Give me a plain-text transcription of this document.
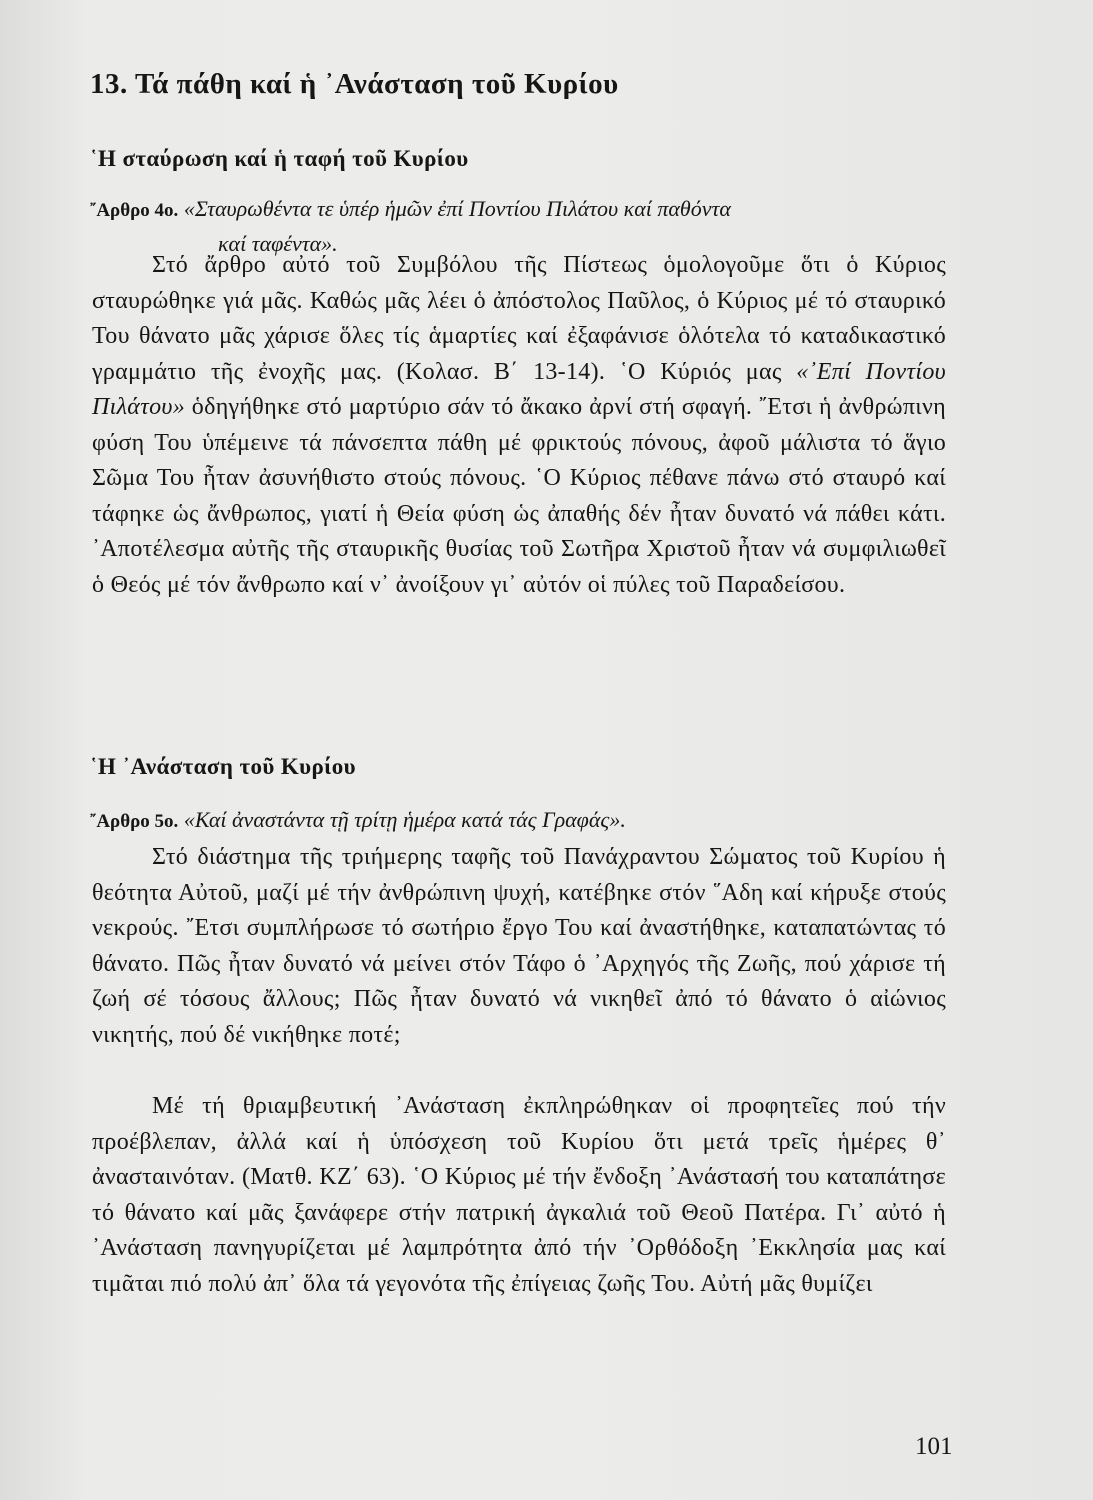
13. Τά πάθη καί ἡ ᾿Ανάσταση τοῦ Κυρίου
῾Η σταύρωση καί ἡ ταφή τοῦ Κυρίου
῎Αρθρο 4ο. «Σταυρωθέντα τε ὑπέρ ἡμῶν ἐπί Ποντίου Πιλάτου καί παθόντα
καί ταφέντα».

Στό ἄρθρο αὐτό τοῦ Συμβόλου τῆς Πίστεως ὁμολογοῦμε ὅτι ὁ Κύριος σταυρώθηκε γιά μᾶς. Καθώς μᾶς λέει ὁ ἀπόστολος Παῦλος, ὁ Κύριος μέ τό σταυρικό Του θάνατο μᾶς χάρισε ὅλες τίς ἁμαρτίες καί ἐξαφάνισε ὁλότελα τό καταδικαστικό γραμμάτιο τῆς ἐνοχῆς μας. (Κολασ. Β΄ 13-14). ῾Ο Κύριός μας «᾿Επί Ποντίου Πιλάτου» ὁδηγήθηκε στό μαρτύριο σάν τό ἄκακο ἀρνί στή σφαγή. ῎Ετσι ἡ ἀνθρώπινη φύση Του ὑπέμεινε τά πάνσεπτα πάθη μέ φρικτούς πόνους, ἀφοῦ μάλιστα τό ἅγιο Σῶμα Του ἦταν ἀσυνήθιστο στούς πόνους. ῾Ο Κύριος πέθανε πάνω στό σταυρό καί τάφηκε ὡς ἄνθρωπος, γιατί ἡ Θεία φύση ὡς ἀπαθής δέν ἦταν δυνατό νά πάθει κάτι. ᾿Αποτέλεσμα αὐτῆς τῆς σταυρικῆς θυσίας τοῦ Σωτῆρα Χριστοῦ ἦταν νά συμφιλιωθεῖ ὁ Θεός μέ τόν ἄνθρωπο καί ν᾿ ἀνοίξουν γι᾿ αὐτόν οἱ πύλες τοῦ Παραδείσου.

῾Η ᾿Ανάσταση τοῦ Κυρίου
῎Αρθρο 5ο. «Καί ἀναστάντα τῇ τρίτῃ ἡμέρα κατά τάς Γραφάς».

Στό διάστημα τῆς τριήμερης ταφῆς τοῦ Πανάχραντου Σώματος τοῦ Κυρίου ἡ θεότητα Αὐτοῦ, μαζί μέ τήν ἀνθρώπινη ψυχή, κατέβηκε στόν ῞Αδη καί κήρυξε στούς νεκρούς. ῎Ετσι συμπλήρωσε τό σωτήριο ἔργο Του καί ἀναστήθηκε, καταπατώντας τό θάνατο. Πῶς ἦταν δυνατό νά μείνει στόν Τάφο ὁ ᾿Αρχηγός τῆς Ζωῆς, πού χάρισε τή ζωή σέ τόσους ἄλλους; Πῶς ἦταν δυνατό νά νικηθεῖ ἀπό τό θάνατο ὁ αἰώνιος νικητής, πού δέ νικήθηκε ποτέ;

Μέ τή θριαμβευτική ᾿Ανάσταση ἐκπληρώθηκαν οἱ προφητεῖες πού τήν προέβλεπαν, ἀλλά καί ἡ ὑπόσχεση τοῦ Κυρίου ὅτι μετά τρεῖς ἡμέρες θ᾿ ἀνασταινόταν. (Ματθ. ΚΖ΄ 63). ῾Ο Κύριος μέ τήν ἔνδοξη ᾿Ανάστασή του καταπάτησε τό θάνατο καί μᾶς ξανάφερε στήν πατρική ἀγκαλιά τοῦ Θεοῦ Πατέρα. Γι᾿ αὐτό ἡ ᾿Ανάσταση πανηγυρίζεται μέ λαμπρότητα ἀπό τήν ᾿Ορθόδοξη ᾿Εκκλησία μας καί τιμᾶται πιό πολύ ἀπ᾿ ὅλα τά γεγονότα τῆς ἐπίγειας ζωῆς Του. Αὐτή μᾶς θυμίζει

101
